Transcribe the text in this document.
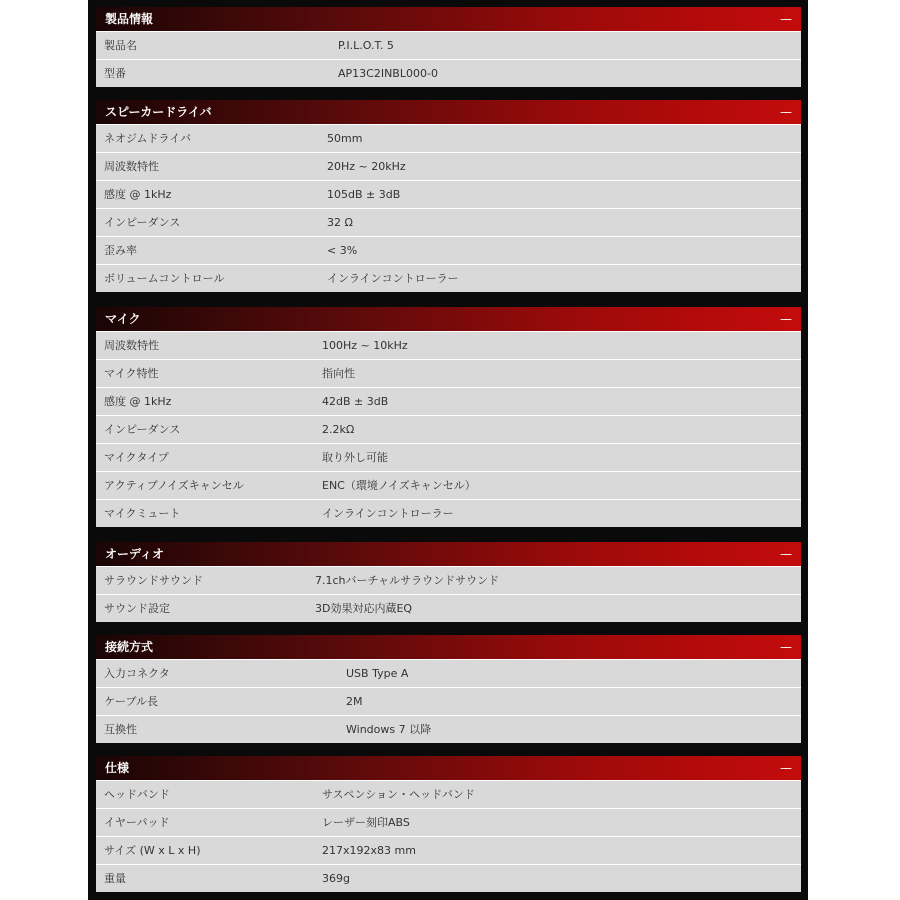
製品情報	—
製品名	P.I.L.O.T. 5
型番	AP13C2INBL000-0
スピーカードライバ	—
ネオジムドライバ	50mm
周波数特性	20Hz ~ 20kHz
感度 @ 1kHz	105dB ± 3dB
インピーダンス	32 Ω
歪み率	< 3%
ボリュームコントロール	インラインコントローラー
マイク	—
周波数特性	100Hz ~ 10kHz
マイク特性	指向性
感度 @ 1kHz	42dB ± 3dB
インピーダンス	2.2kΩ
マイクタイプ	取り外し可能
アクティブノイズキャンセル	ENC（環境ノイズキャンセル）
マイクミュート	インラインコントローラー
オーディオ	—
サラウンドサウンド	7.1chバーチャルサラウンドサウンド
サウンド設定	3D効果対応内蔵EQ
接続方式	—
入力コネクタ	USB Type A
ケーブル長	2M
互換性	Windows 7 以降
仕様	—
ヘッドバンド	サスペンション・ヘッドバンド
イヤーパッド	レーザー刻印ABS
サイズ (W x L x H)	217x192x83 mm
重量	369g
